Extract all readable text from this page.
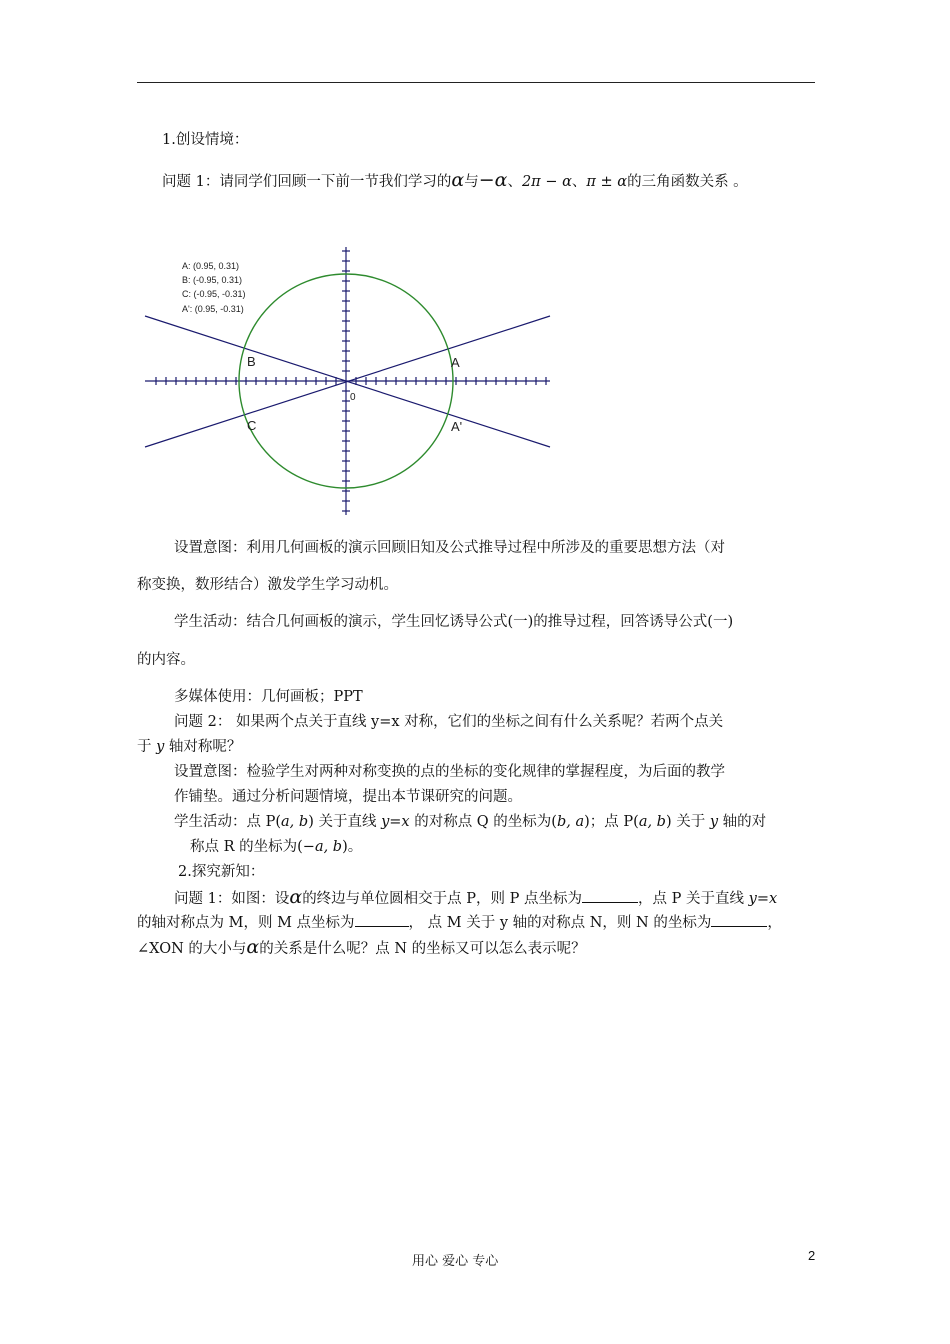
1.创设情境：
问题 1：请同学们回顾一下前一节我们学习的α与−α、2π − α、π ± α的三角函数关系 。
A: (0.95, 0.31)
B: (-0.95, 0.31)
C: (-0.95, -0.31)
A': (0.95, -0.31)
A
B
C	A'
0
设置意图：利用几何画板的演示回顾旧知及公式推导过程中所涉及的重要思想方法（对
称变换，数形结合）激发学生学习动机。
学生活动：结合几何画板的演示，学生回忆诱导公式(一)的推导过程，回答诱导公式(一)
的内容。
多媒体使用：几何画板；PPT
问题 2： 如果两个点关于直线 y=x 对称，它们的坐标之间有什么关系呢？若两个点关
于 y 轴对称呢？
设置意图：检验学生对两种对称变换的点的坐标的变化规律的掌握程度，为后面的教学
作铺垫。通过分析问题情境，提出本节课研究的问题。
学生活动：点 P(a, b) 关于直线 y=x 的对称点 Q 的坐标为(b, a)；点 P(a, b) 关于 y 轴的对
称点 R 的坐标为(−a, b)。
2.探究新知：
问题 1：如图：设α的终边与单位圆相交于点 P，则 P 点坐标为	，点 P 关于直线 y=x
的轴对称点为 M，则 M 点坐标为	， 点 M 关于 y 轴的对称点 N，则 N 的坐标为	，
∠XON 的大小与α的关系是什么呢？点 N 的坐标又可以怎么表示呢？
用心 爱心 专心	2
